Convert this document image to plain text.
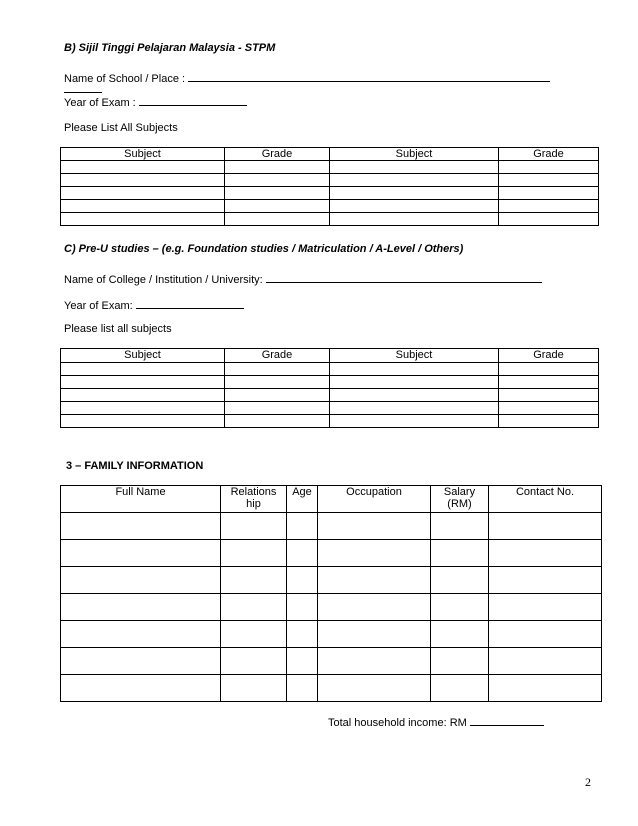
B) Sijil Tinggi Pelajaran Malaysia - STPM
Name of School / Place :
Year of Exam :
Please List All Subjects
Subject	Grade	Subject	Grade

C) Pre-U studies – (e.g. Foundation studies / Matriculation / A-Level / Others)
Name of College / Institution / University:
Year of Exam:
Please list all subjects
Subject	Grade	Subject	Grade

3 – FAMILY INFORMATION
Full Name	Relations hip	Age	Occupation	Salary (RM)	Contact No.

Total household income: RM
2
